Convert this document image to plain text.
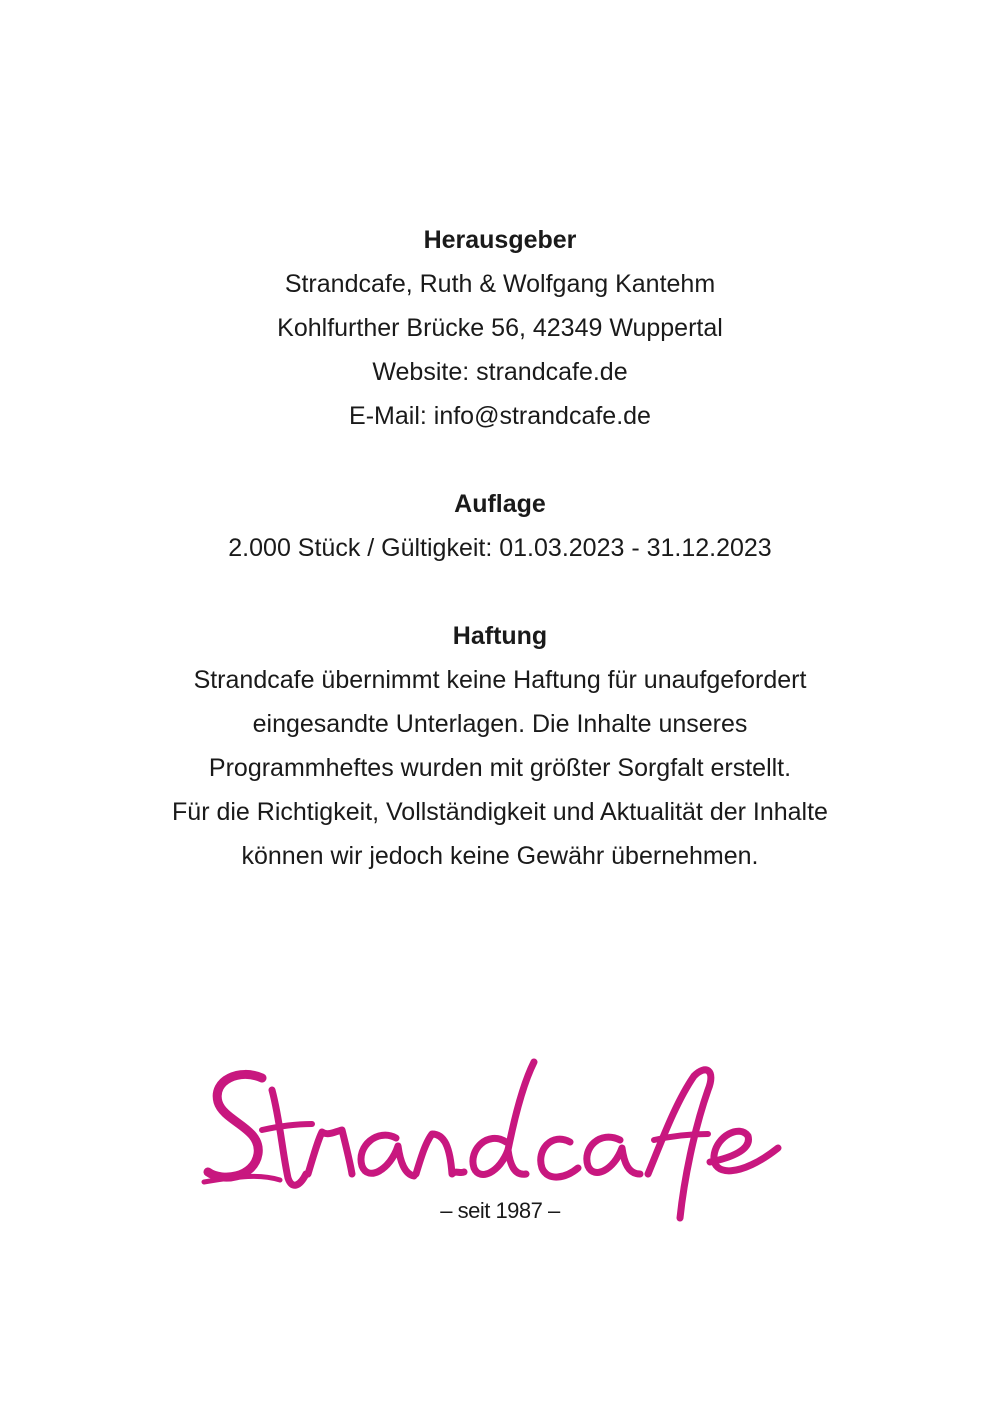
Herausgeber

Strandcafe, Ruth & Wolfgang Kantehm

Kohlfurther Brücke 56, 42349 Wuppertal

Website: strandcafe.de

E-Mail: info@strandcafe.de

Auflage

2.000 Stück / Gültigkeit: 01.03.2023 - 31.12.2023

Haftung

Strandcafe übernimmt keine Haftung für unaufgefordert

eingesandte Unterlagen. Die Inhalte unseres

Programmheftes wurden mit größter Sorgfalt erstellt.

Für die Richtigkeit, Vollständigkeit und Aktualität der Inhalte

können wir jedoch keine Gewähr übernehmen.

– seit 1987 –
